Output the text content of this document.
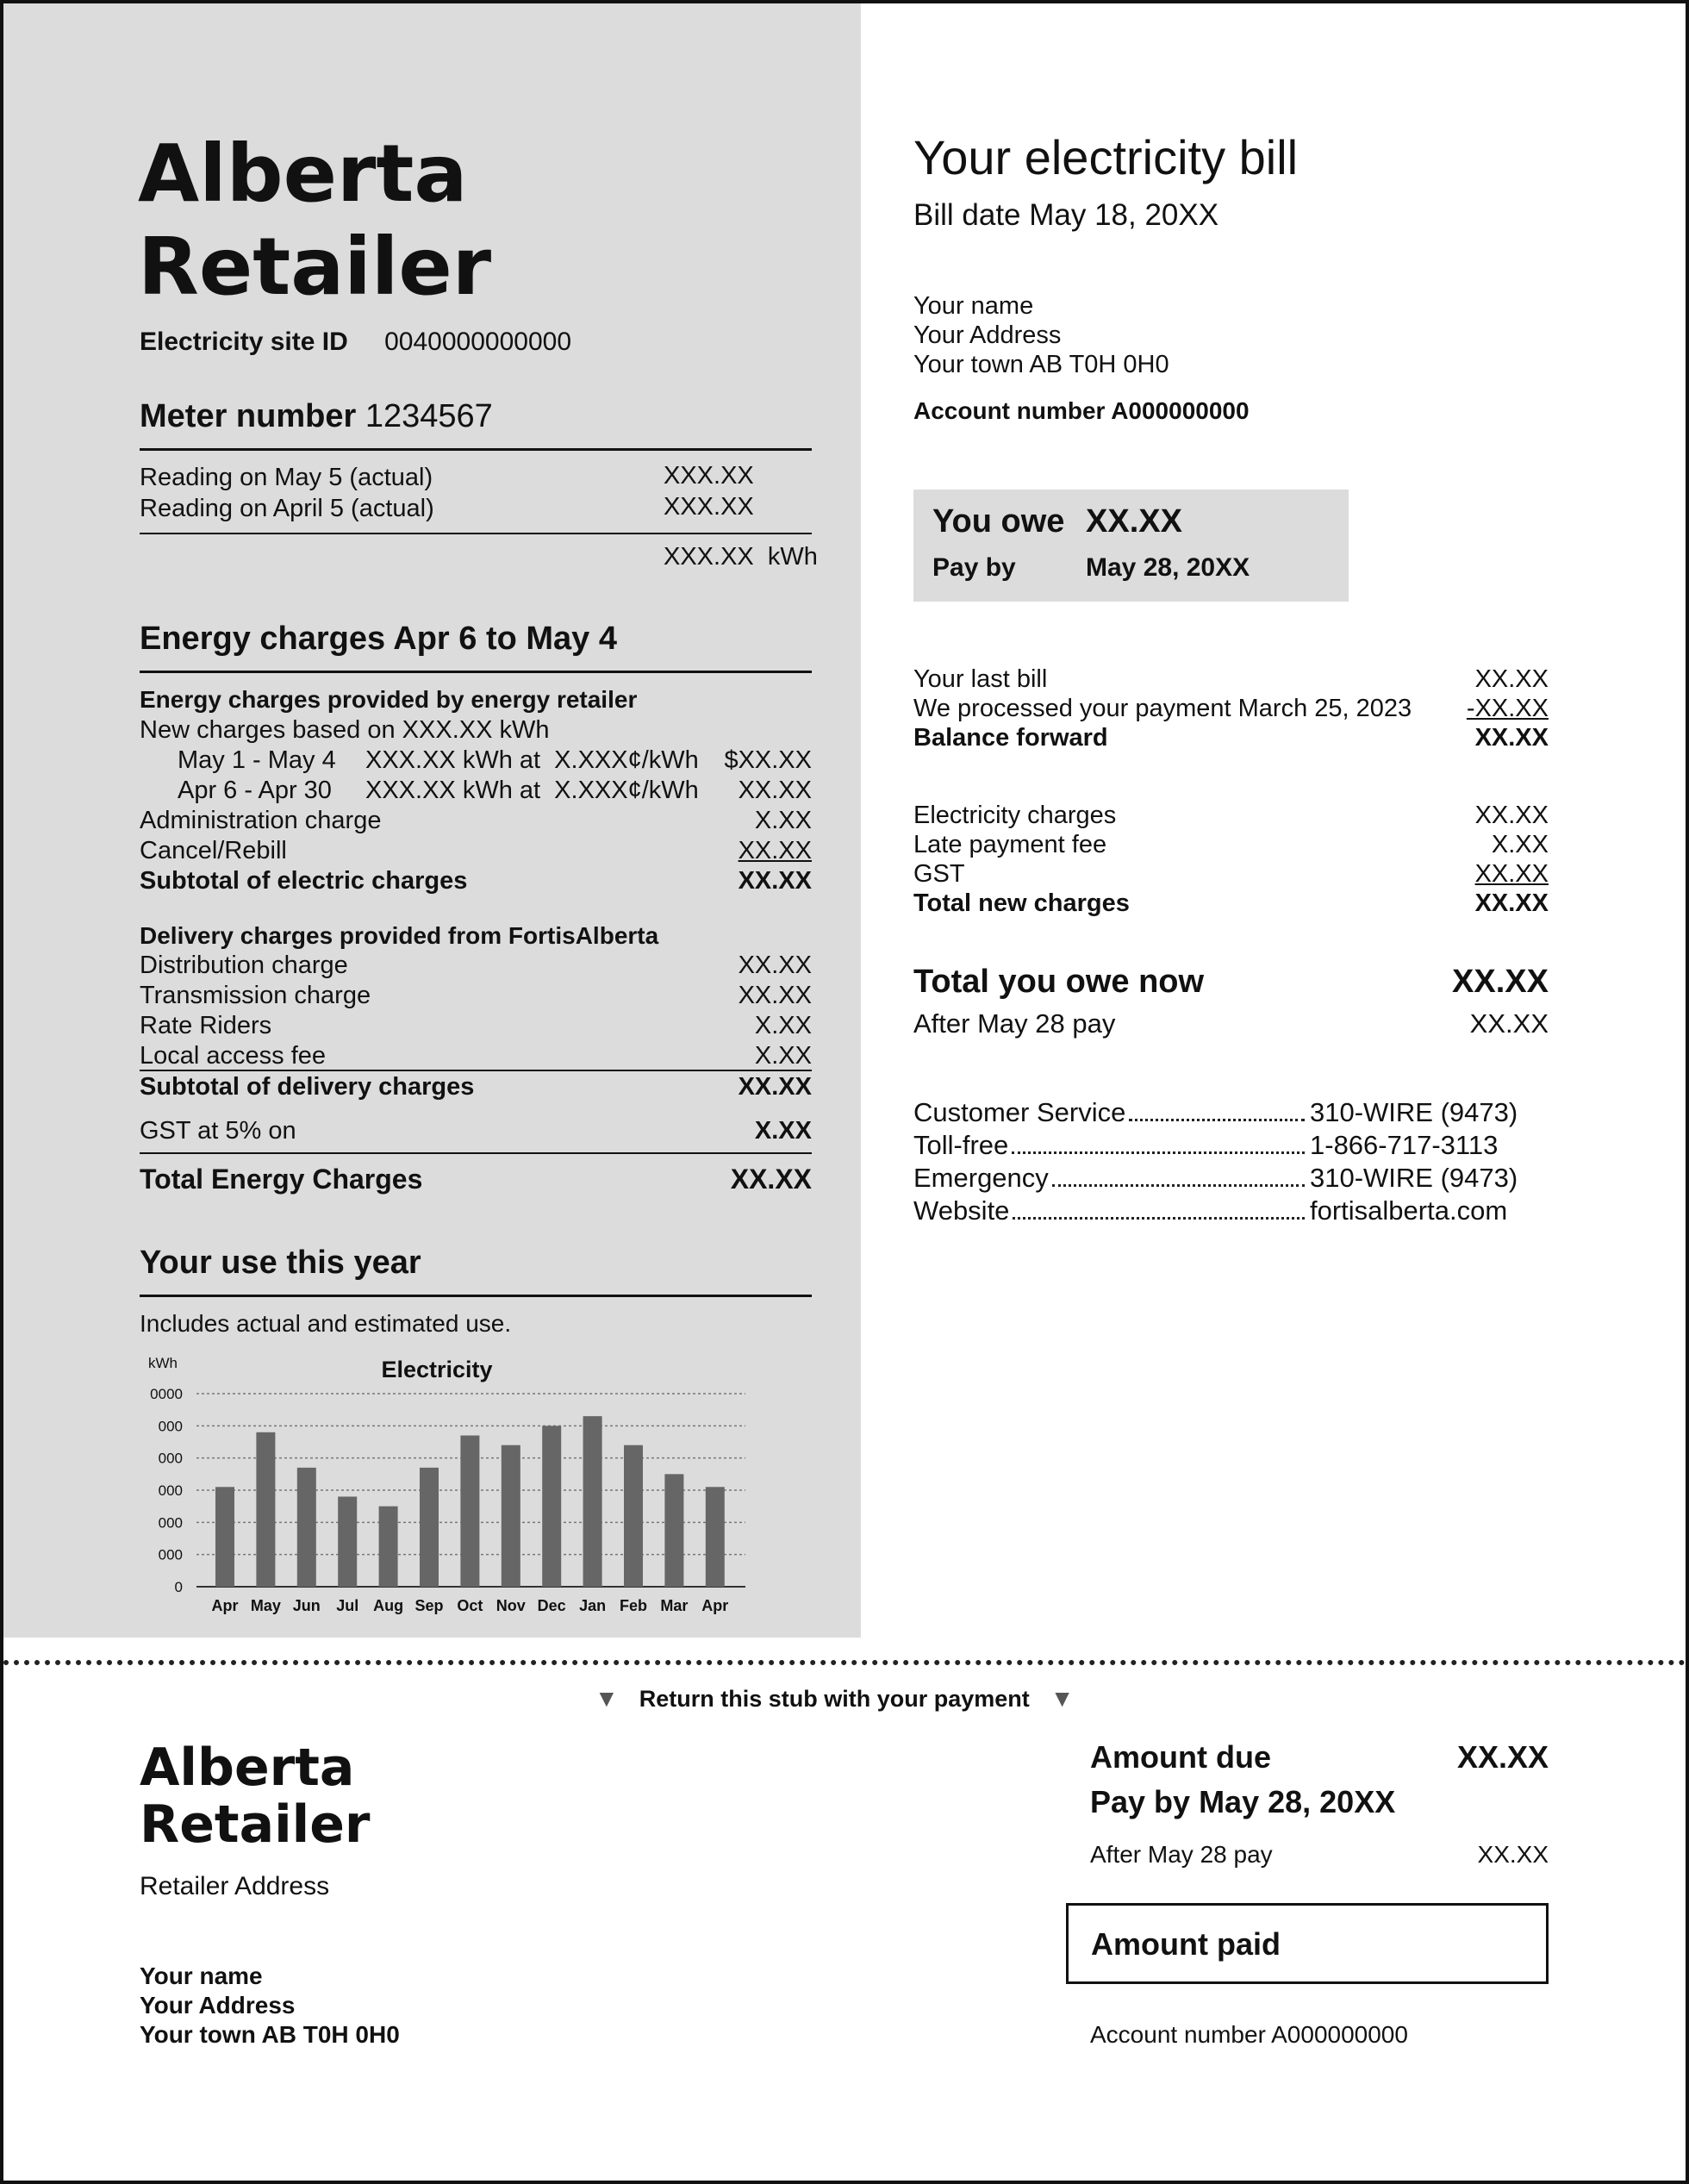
Alberta
Retailer
Electricity site ID 0040000000000
Meter number 1234567
Reading on May 5 (actual)	XXX.XX
Reading on April 5 (actual)	XXX.XX
XXX.XX kWh
Energy charges Apr 6 to May 4
Energy charges provided by energy retailer
New charges based on XXX.XX kWh
May 1 - May 4 XXX.XX kWh at  X.XXX¢/kWh $XX.XX
Apr 6 - Apr 30 XXX.XX kWh at  X.XXX¢/kWh XX.XX
Administration charge	X.XX
Cancel/Rebill	XX.XX
Subtotal of electric charges	XX.XX
Delivery charges provided from FortisAlberta
Distribution charge	XX.XX
Transmission charge	XX.XX
Rate Riders	X.XX
Local access fee	X.XX
Subtotal of delivery charges	XX.XX
GST at 5% on	X.XX
Total Energy Charges	XX.XX
Your use this year
Includes actual and estimated use.
kWh	Electricity
0
000
000
000
000
000
0000
Apr May Jun Jul Aug Sep Oct Nov Dec Jan Feb Mar Apr
Your electricity bill
Bill date May 18, 20XX
Your name
Your Address
Your town AB T0H 0H0
Account number A000000000
You owe XX.XX
Pay by	May 28, 20XX
Your last bill	XX.XX
We processed your payment March 25, 2023 -XX.XX
Balance forward	XX.XX
Electricity charges	XX.XX
Late payment fee	X.XX
GST	XX.XX
Total new charges	XX.XX
Total you owe now	XX.XX
After May 28 pay	XX.XX
Customer Service	310-WIRE (9473)
Toll-free	1-866-717-3113
Emergency	310-WIRE (9473)
Website	fortisalberta.com
▼ Return this stub with your payment ▼
Alberta
Retailer
Retailer Address
Your name
Your Address
Your town AB T0H 0H0
Amount due	XX.XX
Pay by May 28, 20XX
After May 28 pay	XX.XX
Amount paid
Account number A000000000
